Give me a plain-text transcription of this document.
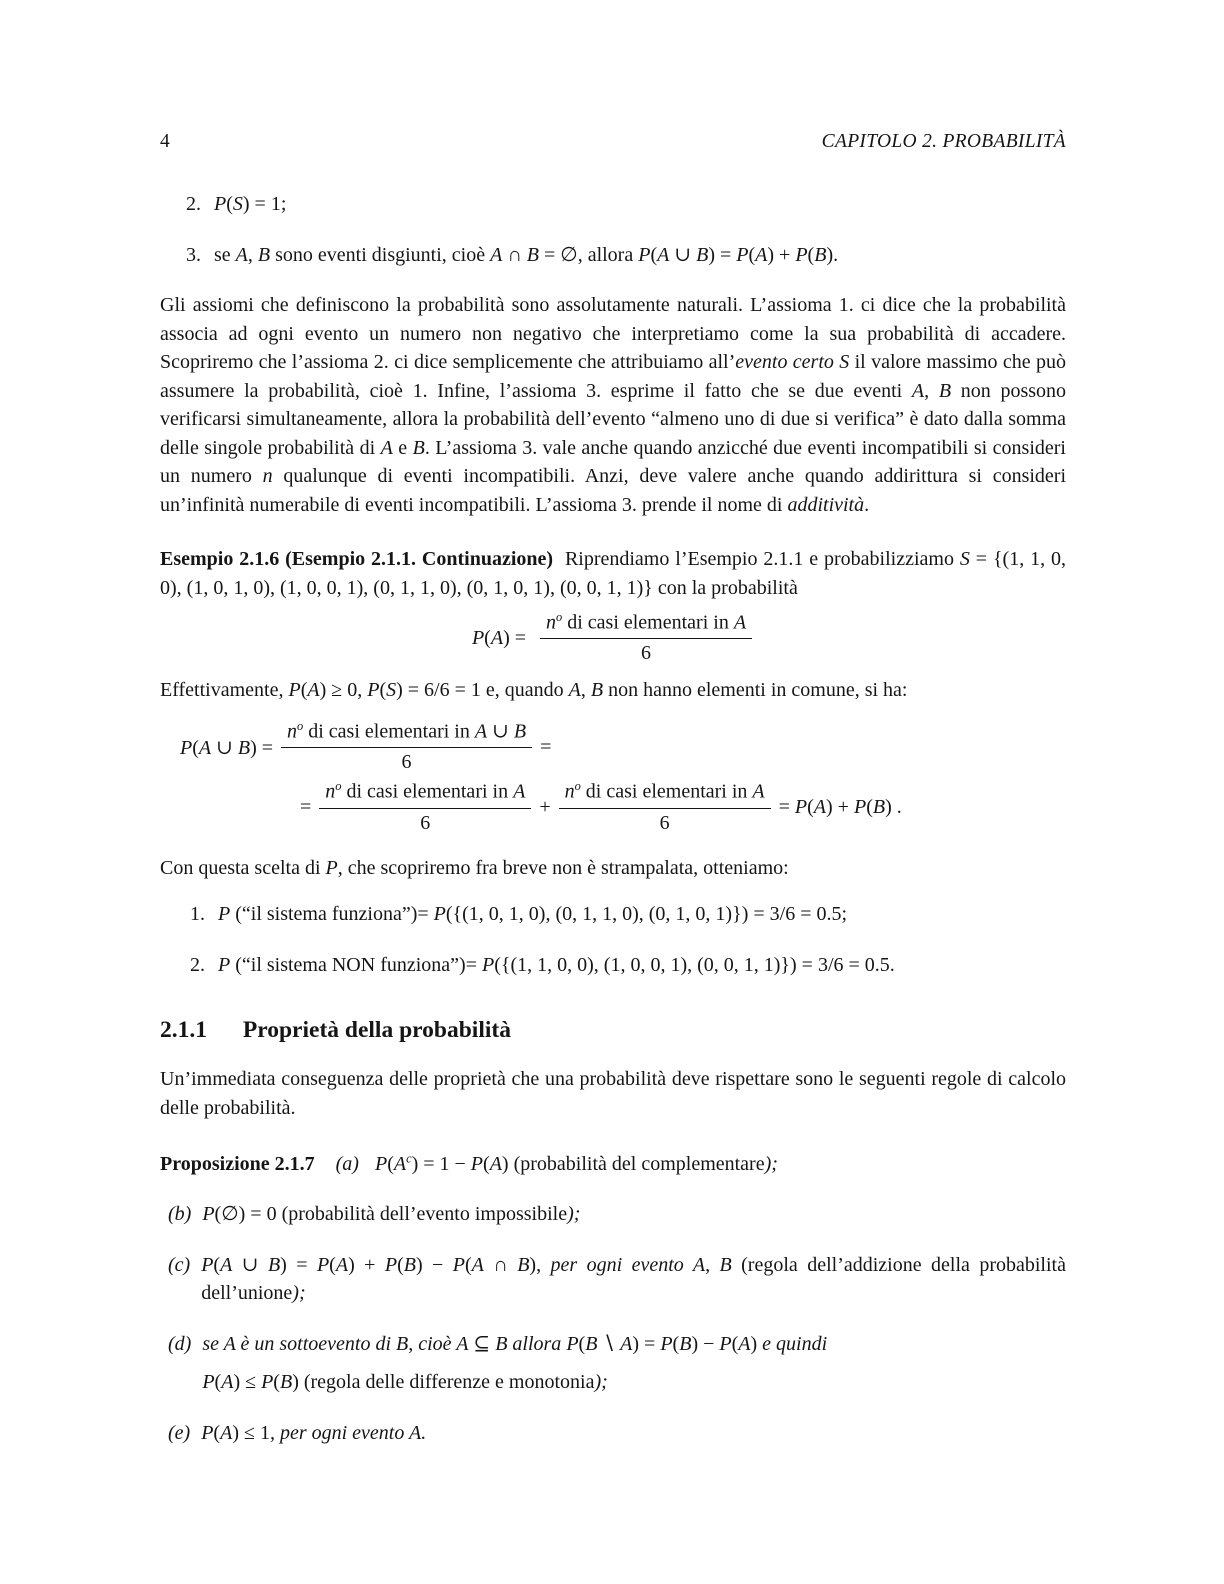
4	CAPITOLO 2. PROBABILITÀ
2. P(S) = 1;
3. se A, B sono eventi disgiunti, cioè A ∩ B = ∅, allora P(A ∪ B) = P(A) + P(B).
Gli assiomi che definiscono la probabilità sono assolutamente naturali. L’assioma 1. ci dice che la probabilità associa ad ogni evento un numero non negativo che interpretiamo come la sua probabilità di accadere. Scopriremo che l’assioma 2. ci dice semplicemente che attribuiamo all’evento certo S il valore massimo che può assumere la probabilità, cioè 1. Infine, l’assioma 3. esprime il fatto che se due eventi A, B non possono verificarsi simultaneamente, allora la probabilità dell’evento “almeno uno di due si verifica” è dato dalla somma delle singole probabilità di A e B. L’assioma 3. vale anche quando anzicché due eventi incompatibili si consideri un numero n qualunque di eventi incompatibili. Anzi, deve valere anche quando addirittura si consideri un’infinità numerabile di eventi incompatibili. L’assioma 3. prende il nome di additività.
Esempio 2.1.6 (Esempio 2.1.1. Continuazione) Riprendiamo l’Esempio 2.1.1 e probabilizziamo S = {(1, 1, 0, 0), (1, 0, 1, 0), (1, 0, 0, 1), (0, 1, 1, 0), (0, 1, 0, 1), (0, 0, 1, 1)} con la probabilità
$P(A) = \frac{n^o di casi elementari in A}{6}$
Effettivamente, P(A) ≥ 0, P(S) = 6/6 = 1 e, quando A, B non hanno elementi in comune, si ha:
P(A ∪ $B) = \frac{n^o di casi elementari in A \cup B}{6}$ =
= $\frac{n^o di casi elementari in A}{6} + \frac{n^o di casi elementari in A}{6} = P(A) + P(B)$ .
Con questa scelta di P, che scopriremo fra breve non è strampalata, otteniamo:
1. P (“il sistema funziona”)= P({(1, 0, 1, 0), (0, 1, 1, 0), (0, 1, 0, 1)}) = 3/6 = 0.5;
2. P (“il sistema NON funziona”)= P({(1, 1, 0, 0), (1, 0, 0, 1), (0, 0, 1, 1)}) = 3/6 = 0.5.
2.1.1 Proprietà della probabilità
Un’immediata conseguenza delle proprietà che una probabilità deve rispettare sono le seguenti regole di calcolo delle probabilità.
Proposizione 2.1.7 (a) $P(A^c) = 1 - P(A)$ (probabilità del complementare);
(b) P(∅) = 0 (probabilità dell’evento impossibile);
(c) P(A ∪ B) = P(A) + P(B) − P(A ∩ B), per ogni evento A, B (regola dell’addizione della probabilità dell’unione);
(d) se A è un sottoevento di B, cioè A ⊆ B allora P(B ∖ A) = P(B) − P(A) e quindi
P(A) ≤ P(B) (regola delle differenze e monotonia);
(e) P(A) ≤ 1, per ogni evento A.
